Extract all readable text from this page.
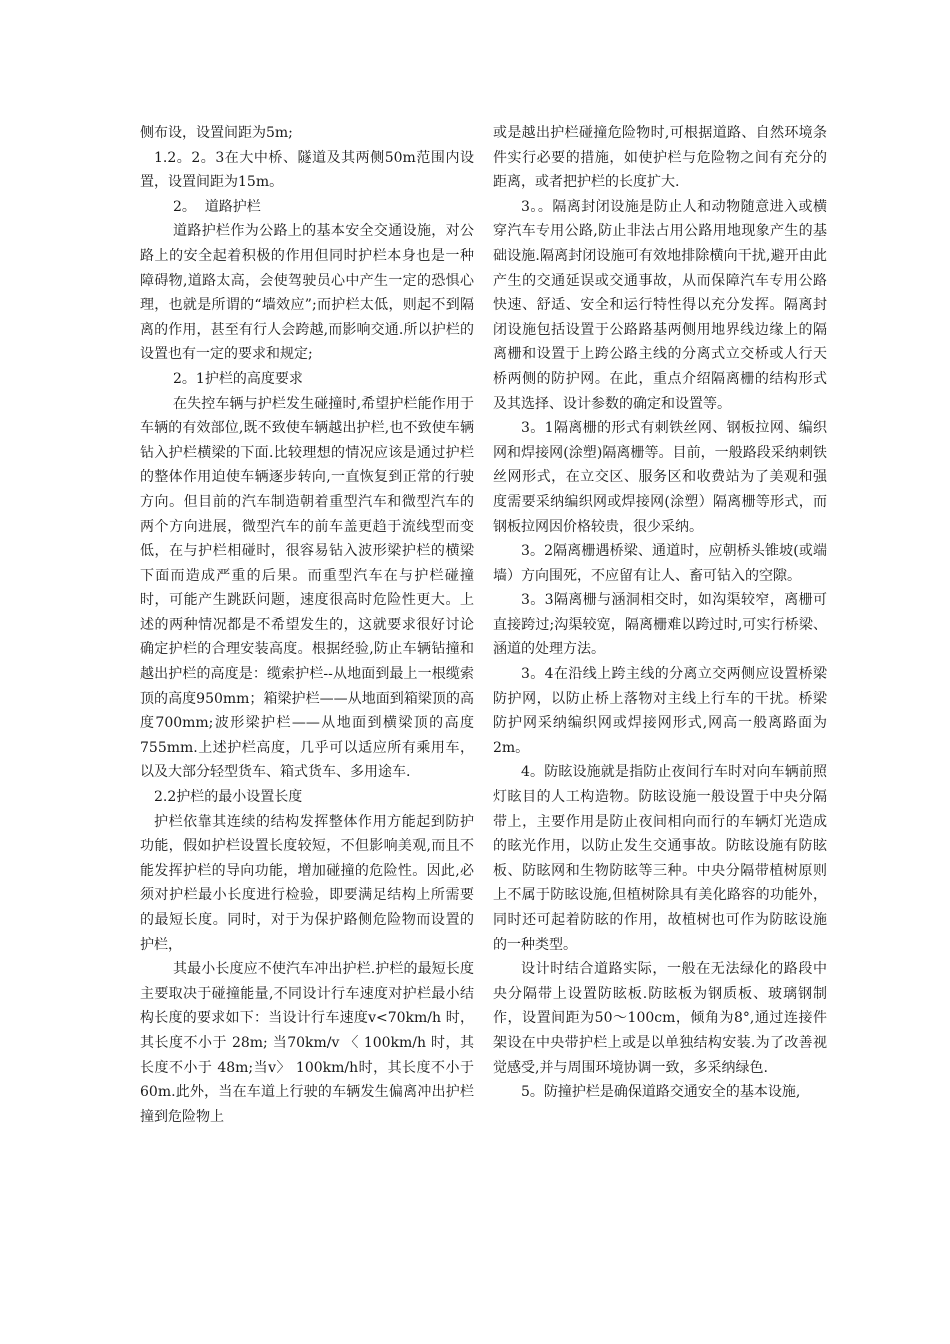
侧布设，设置间距为5m;

1.2。2。3在大中桥、隧道及其两侧50m范围内设置，设置间距为15m。

2。  道路护栏

道路护栏作为公路上的基本安全交通设施，对公路上的安全起着积极的作用但同时护栏本身也是一种障碍物,道路太高，会使驾驶员心中产生一定的恐惧心理，也就是所谓的“墙效应”;而护栏太低，则起不到隔离的作用，甚至有行人会跨越,而影响交通.所以护栏的设置也有一定的要求和规定;

2。1护栏的高度要求

在失控车辆与护栏发生碰撞时,希望护栏能作用于车辆的有效部位,既不致使车辆越出护栏,也不致使车辆钻入护栏横梁的下面.比较理想的情况应该是通过护栏的整体作用迫使车辆逐步转向,一直恢复到正常的行驶方向。但目前的汽车制造朝着重型汽车和微型汽车的两个方向进展，微型汽车的前车盖更趋于流线型而变低，在与护栏相碰时，很容易钻入波形梁护栏的横梁下面而造成严重的后果。而重型汽车在与护栏碰撞时，可能产生跳跃问题，速度很高时危险性更大。上述的两种情况都是不希望发生的，这就要求很好讨论确定护栏的合理安装高度。根据经验,防止车辆钻撞和越出护栏的高度是：缆索护栏--从地面到最上一根缆索顶的高度950mm；箱梁护栏——从地面到箱梁顶的高度700mm;波形梁护栏——从地面到横梁顶的高度755mm.上述护栏高度，几乎可以适应所有乘用车，以及大部分轻型货车、箱式货车、多用途车.

2.2护栏的最小设置长度

护栏依靠其连续的结构发挥整体作用方能起到防护功能，假如护栏设置长度较短，不但影响美观,而且不能发挥护栏的导向功能，增加碰撞的危险性。因此,必须对护栏最小长度进行检验，即要满足结构上所需要的最短长度。同时，对于为保护路侧危险物而设置的护栏，

其最小长度应不使汽车冲出护栏.护栏的最短长度主要取决于碰撞能量,不同设计行车速度对护栏最小结构长度的要求如下：当设计行车速度v<70km/h 时，其长度不小于 28m; 当70km/v 〈 100km/h 时，其长度不小于 48m;当v〉 100km/h时，其长度不小于60m.此外，当在车道上行驶的车辆发生偏离冲出护栏撞到危险物上

或是越出护栏碰撞危险物时,可根据道路、自然环境条件实行必要的措施，如使护栏与危险物之间有充分的距离，或者把护栏的长度扩大.

3。。隔离封闭设施是防止人和动物随意进入或横穿汽车专用公路,防止非法占用公路用地现象产生的基础设施.隔离封闭设施可有效地排除横向干扰,避开由此产生的交通延误或交通事故，从而保障汽车专用公路快速、舒适、安全和运行特性得以充分发挥。隔离封闭设施包括设置于公路路基两侧用地界线边缘上的隔离栅和设置于上跨公路主线的分离式立交桥或人行天桥两侧的防护网。在此，重点介绍隔离栅的结构形式及其选择、设计参数的确定和设置等。

3。1隔离栅的形式有刺铁丝网、钢板拉网、编织网和焊接网(涂塑)隔离栅等。目前，一般路段采纳刺铁丝网形式，在立交区、服务区和收费站为了美观和强度需要采纳编织网或焊接网(涂塑）隔离栅等形式，而钢板拉网因价格较贵，很少采纳。

3。2隔离栅遇桥梁、通道时，应朝桥头锥坡(或端墙）方向围死，不应留有让人、畜可钻入的空隙。

3。3隔离栅与涵洞相交时，如沟渠较窄，离栅可直接跨过;沟渠较宽，隔离栅难以跨过时,可实行桥梁、涵道的处理方法。

3。4在沿线上跨主线的分离立交两侧应设置桥梁防护网，以防止桥上落物对主线上行车的干扰。桥梁防护网采纳编织网或焊接网形式,网高一般离路面为2m。

4。防眩设施就是指防止夜间行车时对向车辆前照灯眩目的人工构造物。防眩设施一般设置于中央分隔带上，主要作用是防止夜间相向而行的车辆灯光造成的眩光作用，以防止发生交通事故。防眩设施有防眩板、防眩网和生物防眩等三种。中央分隔带植树原则上不属于防眩设施,但植树除具有美化路容的功能外，同时还可起着防眩的作用，故植树也可作为防眩设施的一种类型。

设计时结合道路实际，一般在无法绿化的路段中央分隔带上设置防眩板.防眩板为钢质板、玻璃钢制作，设置间距为50～100cm，倾角为8°,通过连接件架设在中央带护栏上或是以单独结构安装.为了改善视觉感受,并与周围环境协调一致，多采纳绿色.

5。防撞护栏是确保道路交通安全的基本设施,
